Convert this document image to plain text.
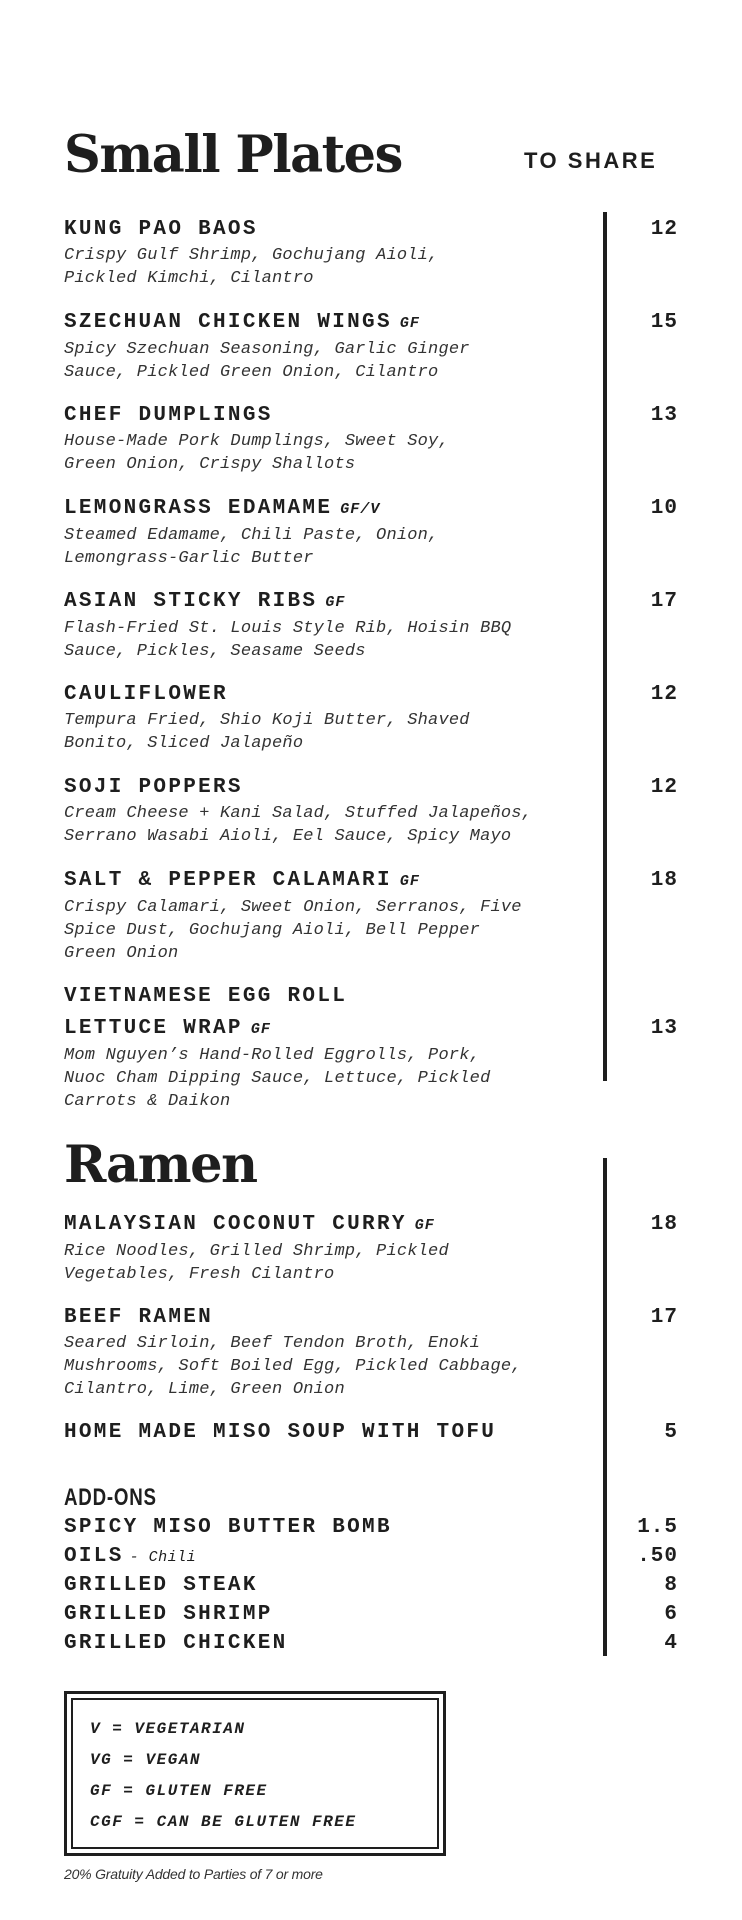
Small Plates	TO SHARE
KUNG PAO BAOS
Crispy Gulf Shrimp, Gochujang Aioli,
Pickled Kimchi, Cilantro
12
SZECHUAN CHICKEN WINGS GF
Spicy Szechuan Seasoning, Garlic Ginger
Sauce, Pickled Green Onion, Cilantro
15
CHEF DUMPLINGS
House-Made Pork Dumplings, Sweet Soy,
Green Onion, Crispy Shallots
13
LEMONGRASS EDAMAME GF/V
Steamed Edamame, Chili Paste, Onion,
Lemongrass-Garlic Butter
10
ASIAN STICKY RIBS GF
Flash-Fried St. Louis Style Rib, Hoisin BBQ
Sauce, Pickles, Seasame Seeds
17
CAULIFLOWER
Tempura Fried, Shio Koji Butter, Shaved
Bonito, Sliced Jalapeño
12
SOJI POPPERS
Cream Cheese + Kani Salad, Stuffed Jalapeños,
Serrano Wasabi Aioli, Eel Sauce, Spicy Mayo
12
SALT & PEPPER CALAMARI GF
Crispy Calamari, Sweet Onion, Serranos, Five
Spice Dust, Gochujang Aioli, Bell Pepper
Green Onion
18
VIETNAMESE EGG ROLL
LETTUCE WRAP GF
Mom Nguyen’s Hand-Rolled Eggrolls, Pork,
Nuoc Cham Dipping Sauce, Lettuce, Pickled
Carrots & Daikon
13
Ramen
MALAYSIAN COCONUT CURRY GF
Rice Noodles, Grilled Shrimp, Pickled
Vegetables, Fresh Cilantro
18
BEEF RAMEN
Seared Sirloin, Beef Tendon Broth, Enoki
Mushrooms, Soft Boiled Egg, Pickled Cabbage,
Cilantro, Lime, Green Onion
17
HOME MADE MISO SOUP WITH TOFU	5
ADD-ONS
SPICY MISO BUTTER BOMB	1.5
OILS - Chili	.50
GRILLED STEAK	8
GRILLED SHRIMP	6
GRILLED CHICKEN	4
V = VEGETARIAN
VG = VEGAN
GF = GLUTEN FREE
CGF = CAN BE GLUTEN FREE
20% Gratuity Added to Parties of 7 or more
